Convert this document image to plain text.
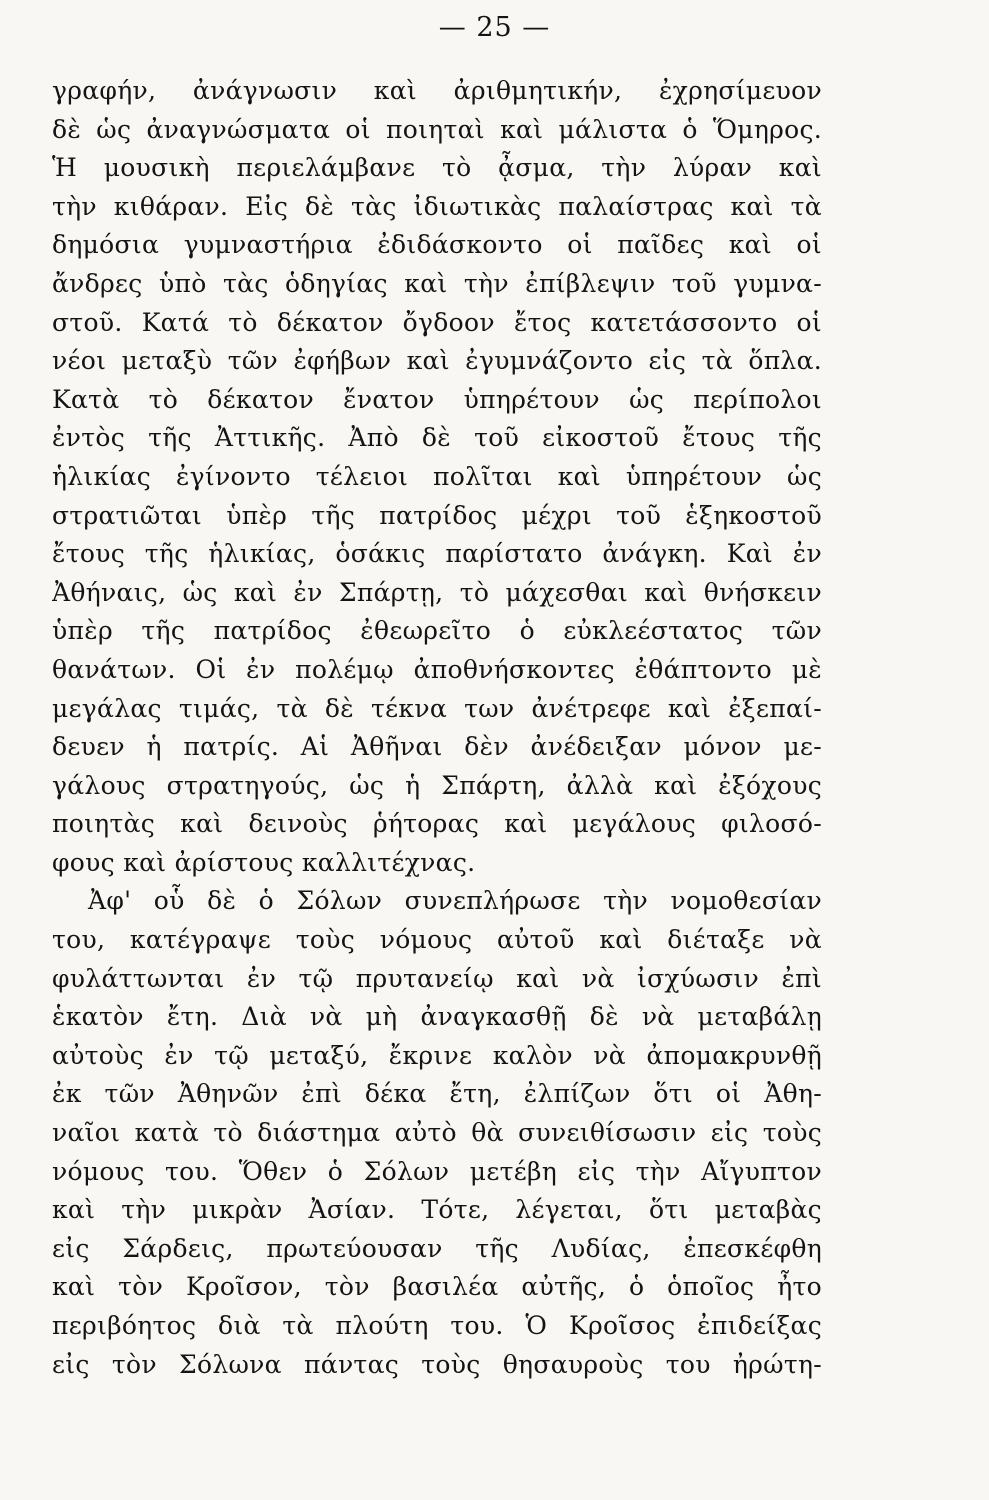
— 25 —
γραφήν, ἀνάγνωσιν καὶ ἀριθμητικήν, ἐχρησίμευον
δὲ ὡς ἀναγνώσματα οἱ ποιηταὶ καὶ μάλιστα ὁ Ὅμηρος.
Ἡ μουσικὴ περιελάμβανε τὸ ᾆσμα, τὴν λύραν καὶ
τὴν κιθάραν. Εἰς δὲ τὰς ἰδιωτικὰς παλαίστρας καὶ τὰ
δημόσια γυμναστήρια ἐδιδάσκοντο οἱ παῖδες καὶ οἱ
ἄνδρες ὑπὸ τὰς ὁδηγίας καὶ τὴν ἐπίβλεψιν τοῦ γυμνα-
στοῦ. Κατά τὸ δέκατον ὄγδοον ἔτος κατετάσσοντο οἱ
νέοι μεταξὺ τῶν ἐφήβων καὶ ἐγυμνάζοντο εἰς τὰ ὅπλα.
Κατὰ τὸ δέκατον ἔνατον ὑπηρέτουν ὡς περίπολοι
ἐντὸς τῆς Ἀττικῆς. Ἀπὸ δὲ τοῦ εἰκοστοῦ ἔτους τῆς
ἡλικίας ἐγίνοντο τέλειοι πολῖται καὶ ὑπηρέτουν ὡς
στρατιῶται ὑπὲρ τῆς πατρίδος μέχρι τοῦ ἑξηκοστοῦ
ἔτους τῆς ἡλικίας, ὁσάκις παρίστατο ἀνάγκη. Καὶ ἐν
Ἀθήναις, ὡς καὶ ἐν Σπάρτῃ, τὸ μάχεσθαι καὶ θνήσκειν
ὑπὲρ τῆς πατρίδος ἐθεωρεῖτο ὁ εὐκλεέστατος τῶν
θανάτων. Οἱ ἐν πολέμῳ ἀποθνήσκοντες ἐθάπτοντο μὲ
μεγάλας τιμάς, τὰ δὲ τέκνα των ἀνέτρεφε καὶ ἐξεπαί-
δευεν ἡ πατρίς. Αἱ Ἀθῆναι δὲν ἀνέδειξαν μόνον με-
γάλους στρατηγούς, ὡς ἡ Σπάρτη, ἀλλὰ καὶ ἐξόχους
ποιητὰς καὶ δεινοὺς ῥήτορας καὶ μεγάλους φιλοσό-
φους καὶ ἀρίστους καλλιτέχνας.
Ἀφ' οὗ δὲ ὁ Σόλων συνεπλήρωσε τὴν νομοθεσίαν
του, κατέγραψε τοὺς νόμους αὐτοῦ καὶ διέταξε νὰ
φυλάττωνται ἐν τῷ πρυτανείῳ καὶ νὰ ἰσχύωσιν ἐπὶ
ἑκατὸν ἔτη. Διὰ νὰ μὴ ἀναγκασθῇ δὲ νὰ μεταβάλῃ
αὐτοὺς ἐν τῷ μεταξύ, ἔκρινε καλὸν νὰ ἀπομακρυνθῇ
ἐκ τῶν Ἀθηνῶν ἐπὶ δέκα ἔτη, ἐλπίζων ὅτι οἱ Ἀθη-
ναῖοι κατὰ τὸ διάστημα αὐτὸ θὰ συνειθίσωσιν εἰς τοὺς
νόμους του. Ὅθεν ὁ Σόλων μετέβη εἰς τὴν Αἴγυπτον
καὶ τὴν μικρὰν Ἀσίαν. Τότε, λέγεται, ὅτι μεταβὰς
εἰς Σάρδεις, πρωτεύουσαν τῆς Λυδίας, ἐπεσκέφθη
καὶ τὸν Κροῖσον, τὸν βασιλέα αὐτῆς, ὁ ὁποῖος ἦτο
περιβόητος διὰ τὰ πλούτη του. Ὁ Κροῖσος ἐπιδείξας
εἰς τὸν Σόλωνα πάντας τοὺς θησαυροὺς του ἠρώτη-
